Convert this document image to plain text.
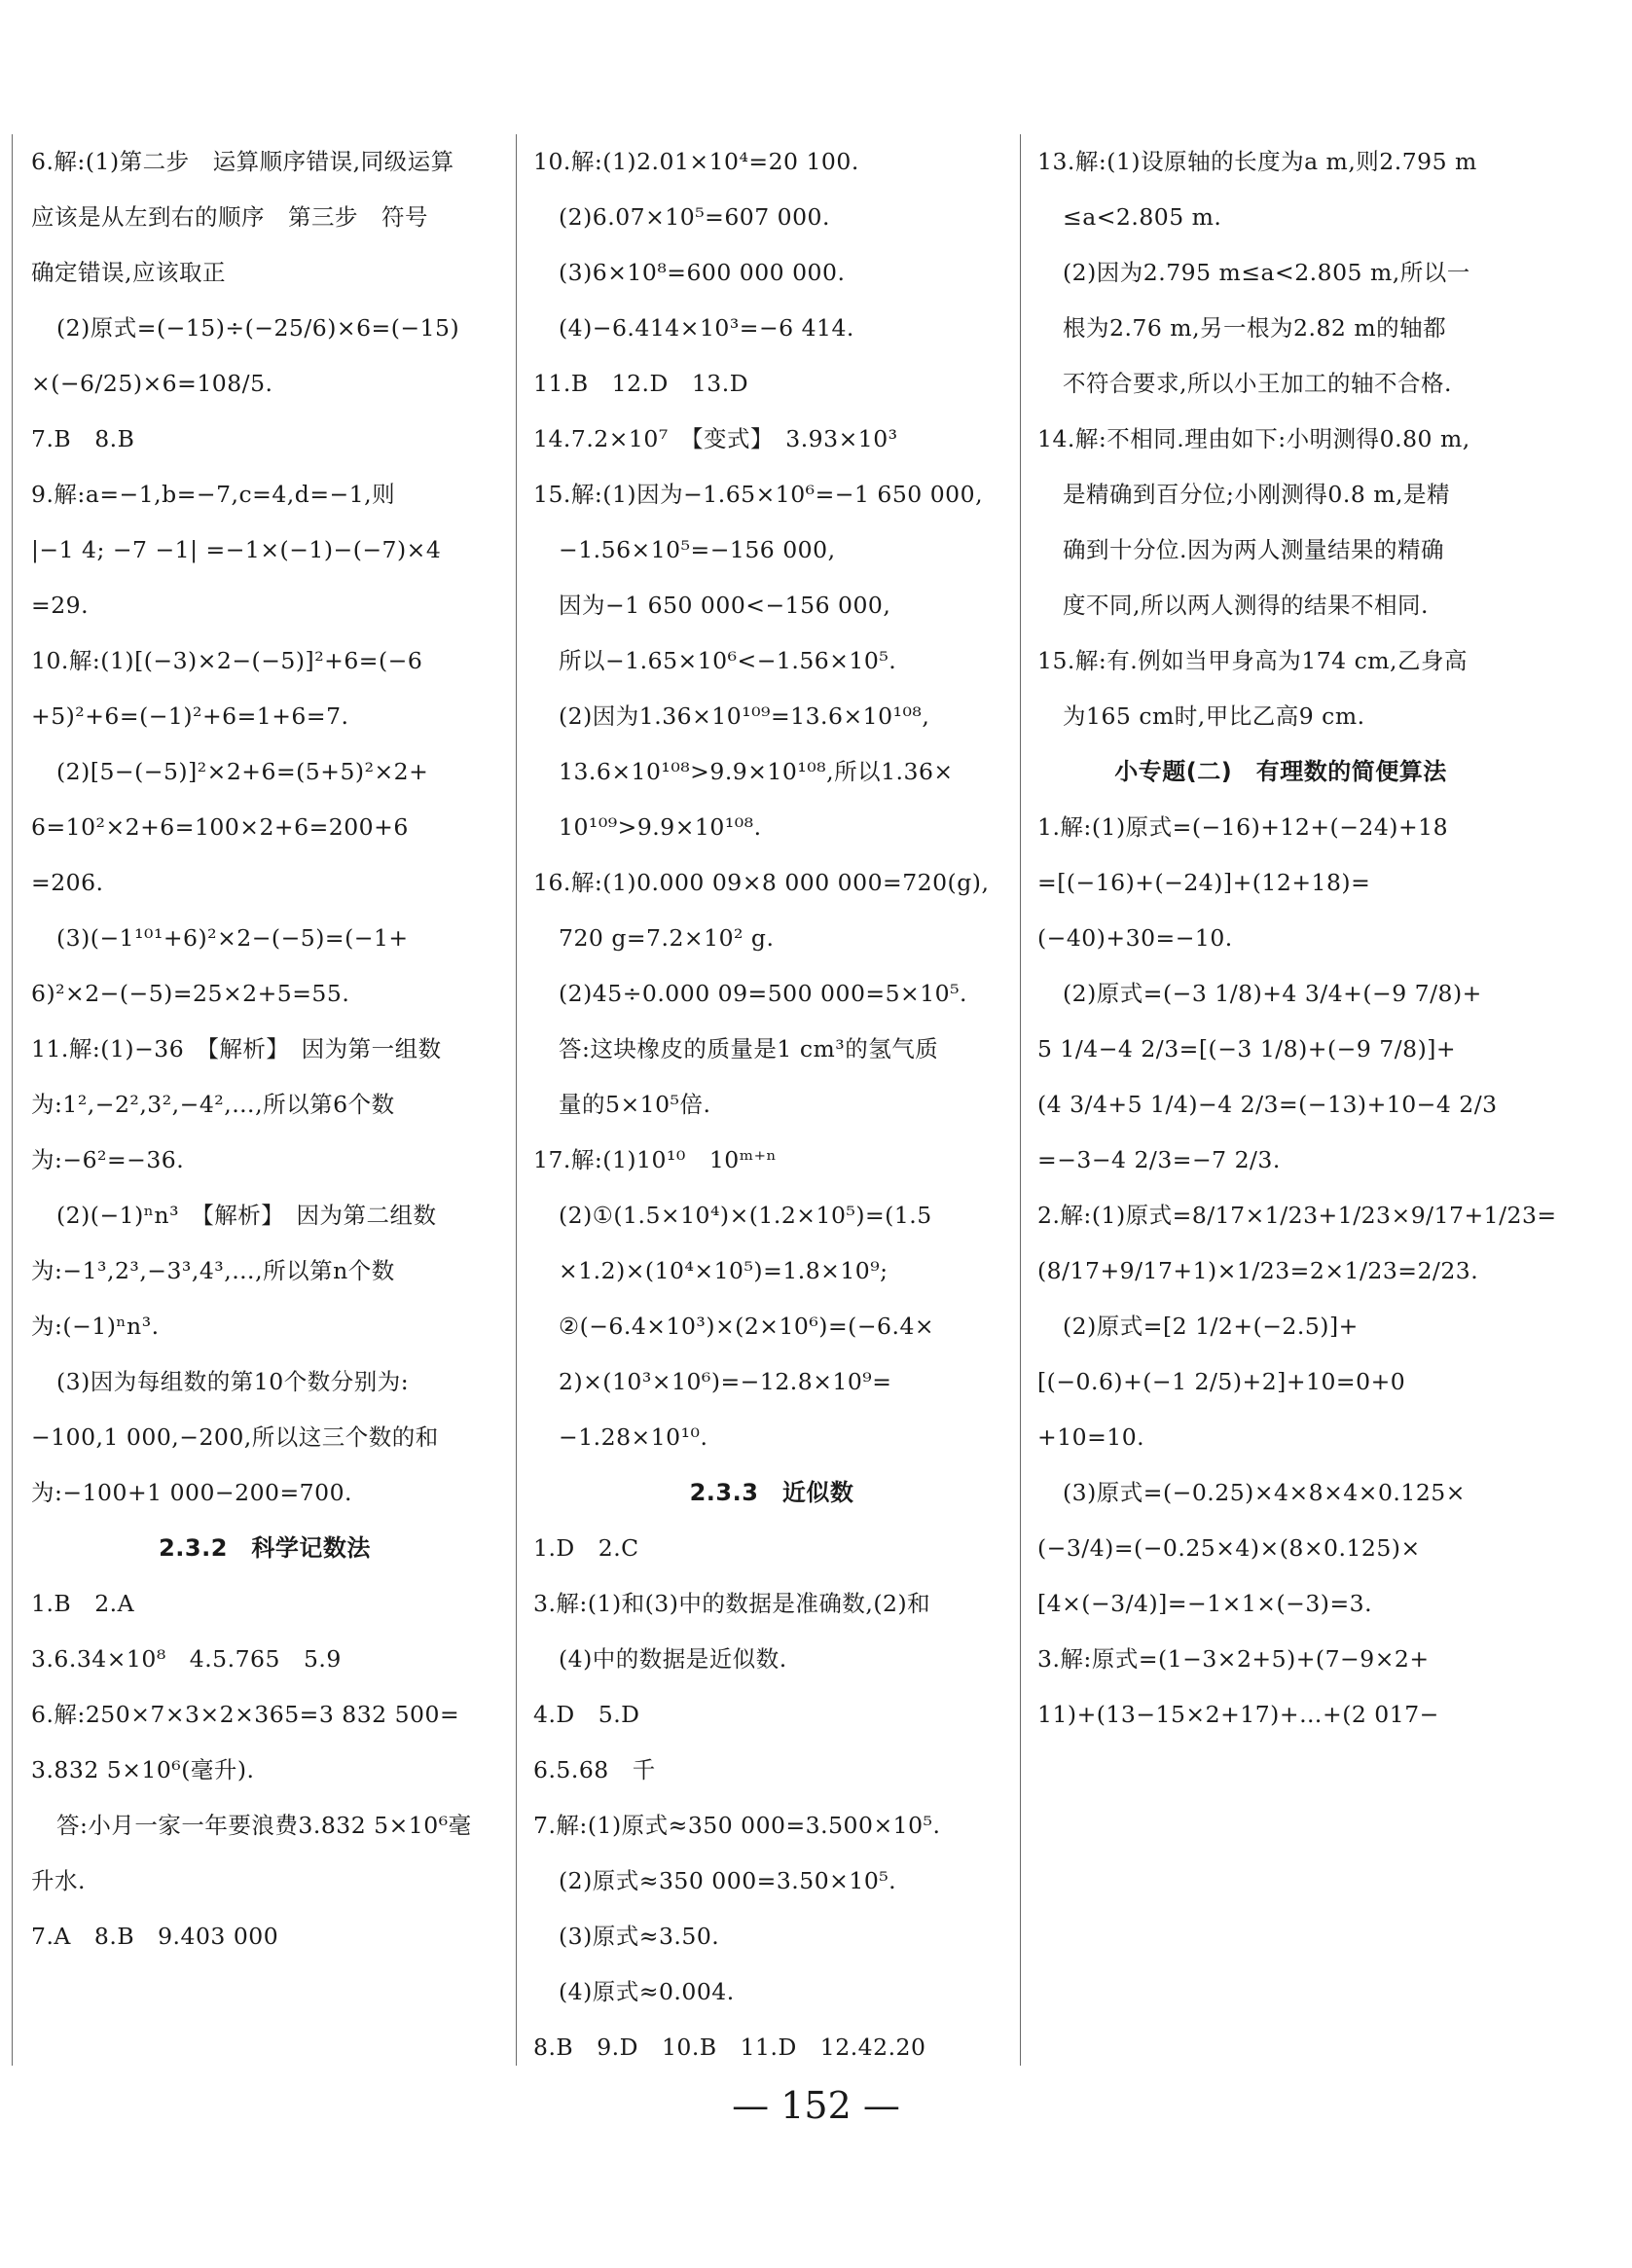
6.解:(1)第二步　运算顺序错误,同级运算
应该是从左到右的顺序　第三步　符号
确定错误,应该取正
(2)原式=(−15)÷(−25/6)×6=(−15)
×(−6/25)×6=108/5.
7.B　8.B
9.解:a=−1,b=−7,c=4,d=−1,则
|−1 4; −7 −1| =−1×(−1)−(−7)×4
=29.
10.解:(1)[(−3)×2−(−5)]²+6=(−6
+5)²+6=(−1)²+6=1+6=7.
(2)[5−(−5)]²×2+6=(5+5)²×2+
6=10²×2+6=100×2+6=200+6
=206.
(3)(−1¹⁰¹+6)²×2−(−5)=(−1+
6)²×2−(−5)=25×2+5=55.
11.解:(1)−36　【解析】　因为第一组数
为:1²,−2²,3²,−4²,…,所以第6个数
为:−6²=−36.
(2)(−1)ⁿn³　【解析】　因为第二组数
为:−1³,2³,−3³,4³,…,所以第n个数
为:(−1)ⁿn³.
(3)因为每组数的第10个数分别为:
−100,1 000,−200,所以这三个数的和
为:−100+1 000−200=700.
2.3.2　科学记数法
1.B　2.A
3.6.34×10⁸　4.5.765　5.9
6.解:250×7×3×2×365=3 832 500=
3.832 5×10⁶(毫升).
答:小月一家一年要浪费3.832 5×10⁶毫
升水.
7.A　8.B　9.403 000
10.解:(1)2.01×10⁴=20 100.
(2)6.07×10⁵=607 000.
(3)6×10⁸=600 000 000.
(4)−6.414×10³=−6 414.
11.B　12.D　13.D
14.7.2×10⁷　【变式】　3.93×10³
15.解:(1)因为−1.65×10⁶=−1 650 000,
−1.56×10⁵=−156 000,
因为−1 650 000<−156 000,
所以−1.65×10⁶<−1.56×10⁵.
(2)因为1.36×10¹⁰⁹=13.6×10¹⁰⁸,
13.6×10¹⁰⁸>9.9×10¹⁰⁸,所以1.36×
10¹⁰⁹>9.9×10¹⁰⁸.
16.解:(1)0.000 09×8 000 000=720(g),
720 g=7.2×10² g.
(2)45÷0.000 09=500 000=5×10⁵.
答:这块橡皮的质量是1 cm³的氢气质
量的5×10⁵倍.
17.解:(1)10¹⁰　10ᵐ⁺ⁿ
(2)①(1.5×10⁴)×(1.2×10⁵)=(1.5
×1.2)×(10⁴×10⁵)=1.8×10⁹;
②(−6.4×10³)×(2×10⁶)=(−6.4×
2)×(10³×10⁶)=−12.8×10⁹=
−1.28×10¹⁰.
2.3.3　近似数
1.D　2.C
3.解:(1)和(3)中的数据是准确数,(2)和
(4)中的数据是近似数.
4.D　5.D
6.5.68　千
7.解:(1)原式≈350 000=3.500×10⁵.
(2)原式≈350 000=3.50×10⁵.
(3)原式≈3.50.
(4)原式≈0.004.
8.B　9.D　10.B　11.D　12.42.20
13.解:(1)设原轴的长度为a m,则2.795 m
≤a<2.805 m.
(2)因为2.795 m≤a<2.805 m,所以一
根为2.76 m,另一根为2.82 m的轴都
不符合要求,所以小王加工的轴不合格.
14.解:不相同.理由如下:小明测得0.80 m,
是精确到百分位;小刚测得0.8 m,是精
确到十分位.因为两人测量结果的精确
度不同,所以两人测得的结果不相同.
15.解:有.例如当甲身高为174 cm,乙身高
为165 cm时,甲比乙高9 cm.
小专题(二)　有理数的简便算法
1.解:(1)原式=(−16)+12+(−24)+18
=[(−16)+(−24)]+(12+18)=
(−40)+30=−10.
(2)原式=(−3 1/8)+4 3/4+(−9 7/8)+
5 1/4−4 2/3=[(−3 1/8)+(−9 7/8)]+
(4 3/4+5 1/4)−4 2/3=(−13)+10−4 2/3
=−3−4 2/3=−7 2/3.
2.解:(1)原式=8/17×1/23+1/23×9/17+1/23=
(8/17+9/17+1)×1/23=2×1/23=2/23.
(2)原式=[2 1/2+(−2.5)]+
[(−0.6)+(−1 2/5)+2]+10=0+0
+10=10.
(3)原式=(−0.25)×4×8×4×0.125×
(−3/4)=(−0.25×4)×(8×0.125)×
[4×(−3/4)]=−1×1×(−3)=3.
3.解:原式=(1−3×2+5)+(7−9×2+
11)+(13−15×2+17)+…+(2 017−
— 152 —
